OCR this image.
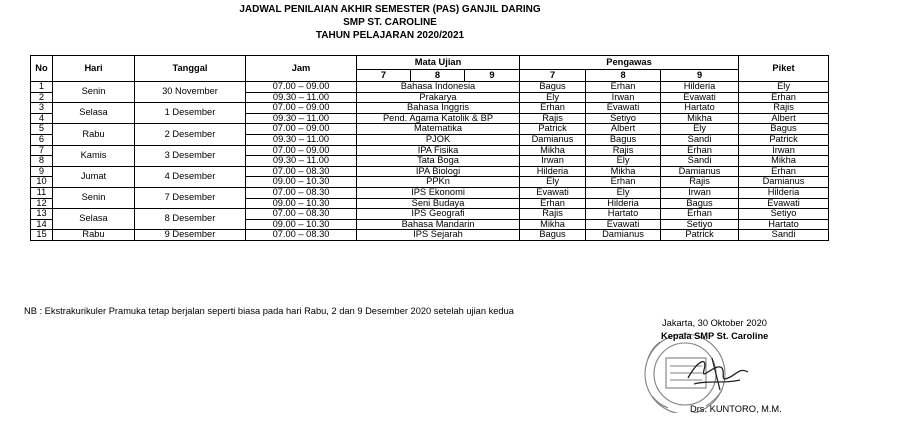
JADWAL PENILAIAN AKHIR SEMESTER (PAS) GANJIL DARING
SMP ST. CAROLINE
TAHUN PELAJARAN 2020/2021
No	Hari	Tanggal	Jam	Mata Ujian			Pengawas			Piket
				7	8	9	7	8	9	
1	Senin	30 November	07.00 – 09.00	Bahasa Indonesia			Bagus	Erhan	Hilderia	Ely
2			09.30 – 11.00	Prakarya			Ely	Irwan	Evawati	Erhan
3	Selasa	1 Desember	07.00 – 09.00	Bahasa Inggris			Erhan	Evawati	Hartato	Rajis
4			09.30 – 11.00	Pend. Agama Katolik & BP			Rajis	Setiyo	Mikha	Albert
5	Rabu	2 Desember	07.00 – 09.00	Matematika			Patrick	Albert	Ely	Bagus
6			09.30 – 11.00	PJOK			Damianus	Bagus	Sandi	Patrick
7	Kamis	3 Desember	07.00 – 09.00	IPA Fisika			Mikha	Rajis	Erhan	Irwan
8			09.30 – 11.00	Tata Boga			Irwan	Ely	Sandi	Mikha
9	Jumat	4 Desember	07.00 – 08.30	IPA Biologi			Hilderia	Mikha	Damianus	Erhan
10			09.00 – 10.30	PPKn			Ely	Erhan	Rajis	Damianus
11	Senin	7 Desember	07.00 – 08.30	IPS Ekonomi			Evawati	Ely	Irwan	Hilderia
12			09.00 – 10.30	Seni Budaya			Erhan	Hilderia	Bagus	Evawati
13	Selasa	8 Desember	07.00 – 08.30	IPS Geografi			Rajis	Hartato	Erhan	Setiyo
14			09.00 – 10.30	Bahasa Mandarin			Mikha	Evawati	Setiyo	Hartato
15	Rabu	9 Desember	07.00 – 08.30	IPS Sejarah			Bagus	Damianus	Patrick	Sandi
NB : Ekstrakurikuler Pramuka tetap berjalan seperti biasa pada hari Rabu, 2 dan 9 Desember 2020 setelah ujian kedua
Jakarta, 30 Oktober 2020
Kepala SMP St. Caroline
Drs. KUNTORO, M.M.
